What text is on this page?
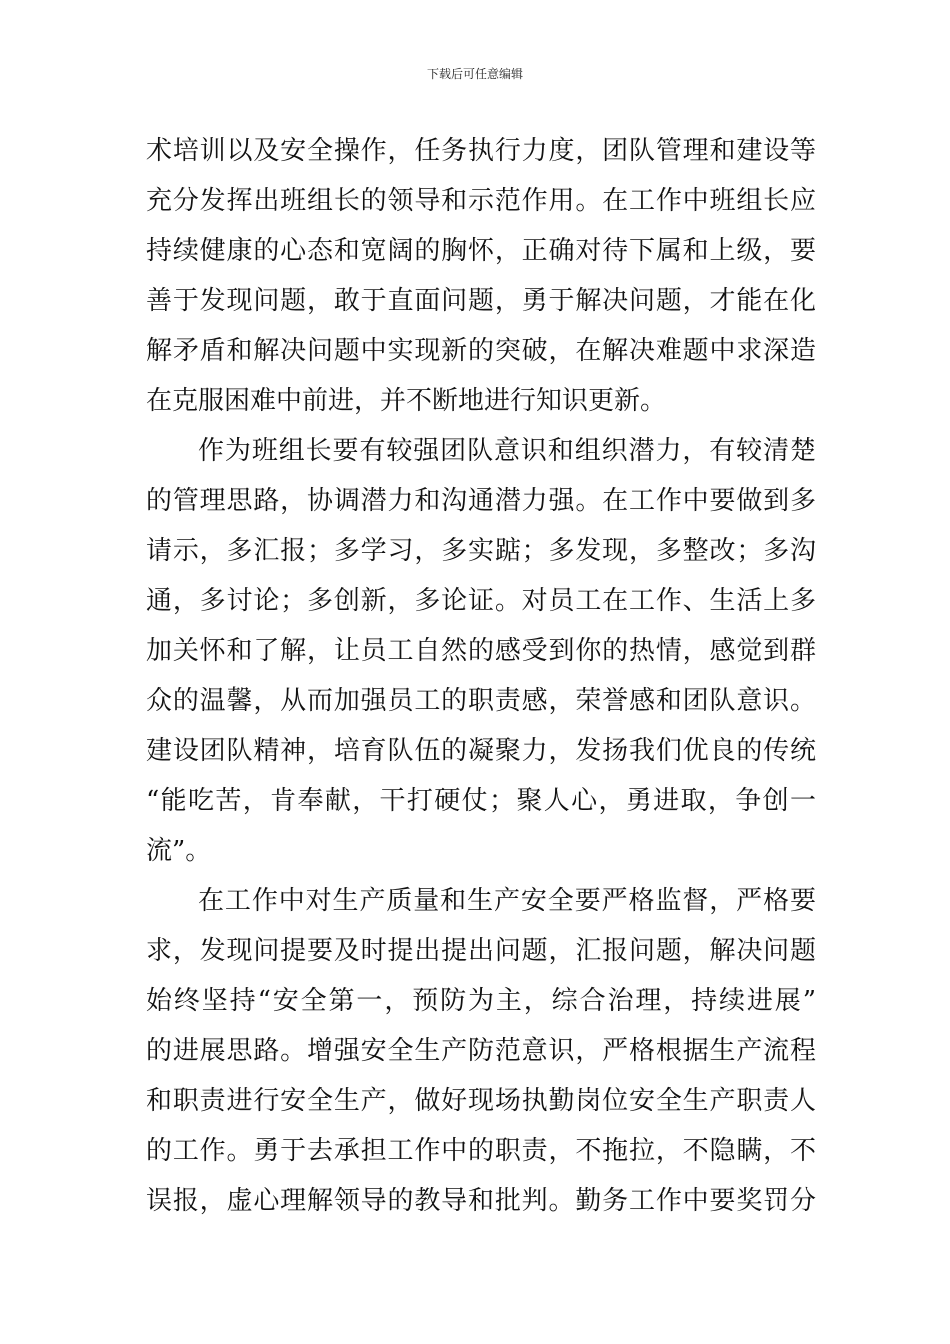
下载后可任意编辑
术培训以及安全操作，任务执行力度，团队管理和建设等
充分发挥出班组长的领导和示范作用。在工作中班组长应
持续健康的心态和宽阔的胸怀，正确对待下属和上级，要
善于发现问题，敢于直面问题，勇于解决问题，才能在化
解矛盾和解决问题中实现新的突破，在解决难题中求深造
在克服困难中前进，并不断地进行知识更新。
作为班组长要有较强团队意识和组织潜力，有较清楚
的管理思路，协调潜力和沟通潜力强。在工作中要做到多
请示，多汇报；多学习，多实踮；多发现，多整改；多沟
通，多讨论；多创新，多论证。对员工在工作、生活上多
加关怀和了解，让员工自然的感受到你的热情，感觉到群
众的温馨，从而加强员工的职责感，荣誉感和团队意识。
建设团队精神，培育队伍的凝聚力，发扬我们优良的传统
“能吃苦，肯奉献，干打硬仗；聚人心，勇进取，争创一
流”。
在工作中对生产质量和生产安全要严格监督，严格要
求，发现问提要及时提出提出问题，汇报问题，解决问题
始终坚持“安全第一，预防为主，综合治理，持续进展”
的进展思路。增强安全生产防范意识，严格根据生产流程
和职责进行安全生产，做好现场执勤岗位安全生产职责人
的工作。勇于去承担工作中的职责，不拖拉，不隐瞒，不
误报，虚心理解领导的教导和批判。勤务工作中要奖罚分
